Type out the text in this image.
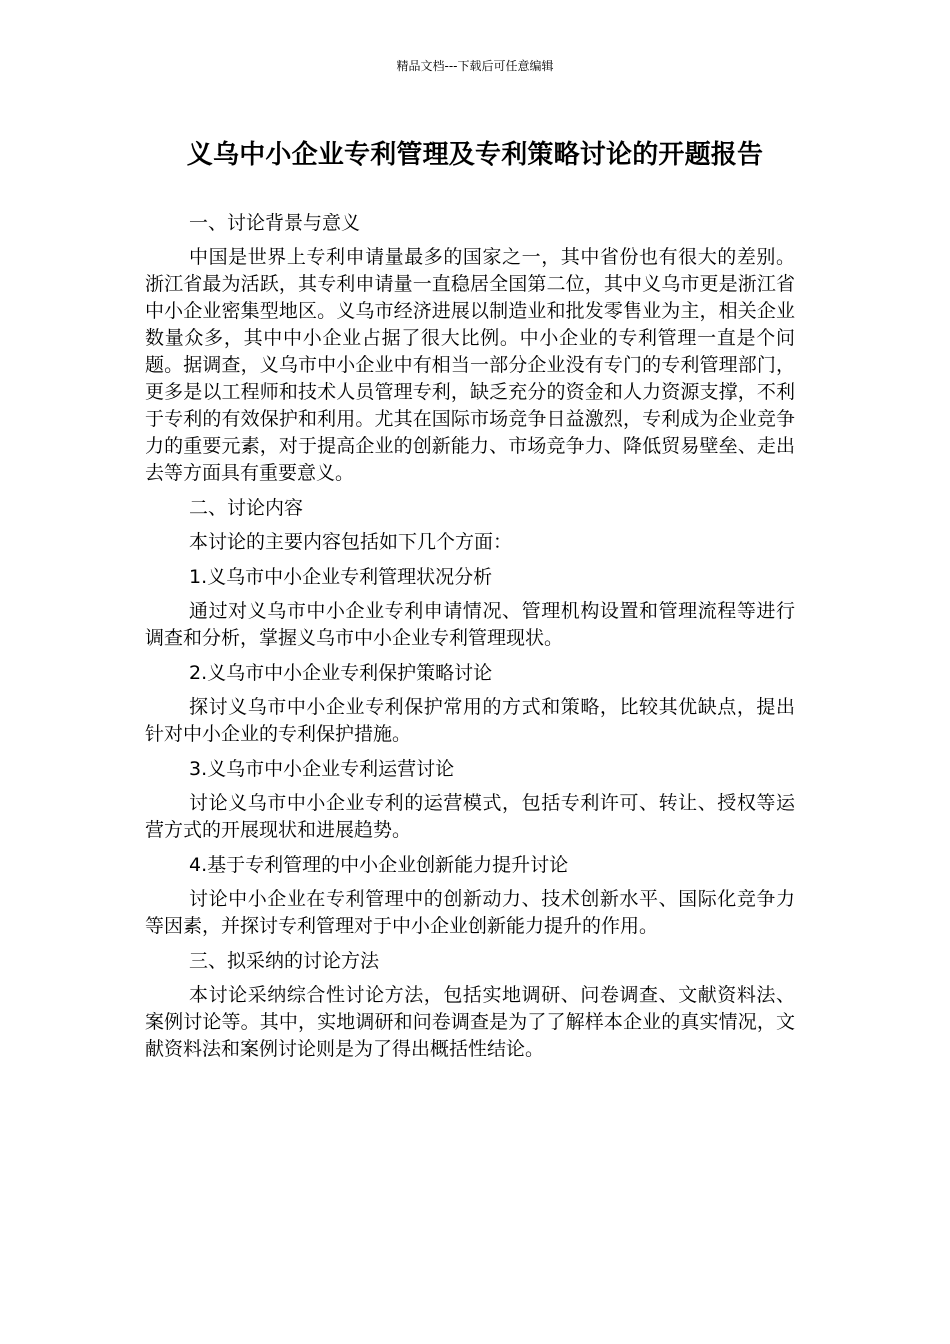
精品文档---下载后可任意编辑
义乌中小企业专利管理及专利策略讨论的开题报告

一、讨论背景与意义

中国是世界上专利申请量最多的国家之一，其中省份也有很大的差别。浙江省最为活跃，其专利申请量一直稳居全国第二位，其中义乌市更是浙江省中小企业密集型地区。义乌市经济进展以制造业和批发零售业为主，相关企业数量众多，其中中小企业占据了很大比例。中小企业的专利管理一直是个问题。据调查，义乌市中小企业中有相当一部分企业没有专门的专利管理部门，更多是以工程师和技术人员管理专利，缺乏充分的资金和人力资源支撑，不利于专利的有效保护和利用。尤其在国际市场竞争日益激烈，专利成为企业竞争力的重要元素，对于提高企业的创新能力、市场竞争力、降低贸易壁垒、走出去等方面具有重要意义。

二、讨论内容

本讨论的主要内容包括如下几个方面：

1.义乌市中小企业专利管理状况分析

通过对义乌市中小企业专利申请情况、管理机构设置和管理流程等进行调查和分析，掌握义乌市中小企业专利管理现状。

2.义乌市中小企业专利保护策略讨论

探讨义乌市中小企业专利保护常用的方式和策略，比较其优缺点，提出针对中小企业的专利保护措施。

3.义乌市中小企业专利运营讨论

讨论义乌市中小企业专利的运营模式，包括专利许可、转让、授权等运营方式的开展现状和进展趋势。

4.基于专利管理的中小企业创新能力提升讨论

讨论中小企业在专利管理中的创新动力、技术创新水平、国际化竞争力等因素，并探讨专利管理对于中小企业创新能力提升的作用。

三、拟采纳的讨论方法

本讨论采纳综合性讨论方法，包括实地调研、问卷调查、文献资料法、案例讨论等。其中，实地调研和问卷调查是为了了解样本企业的真实情况，文献资料法和案例讨论则是为了得出概括性结论。
